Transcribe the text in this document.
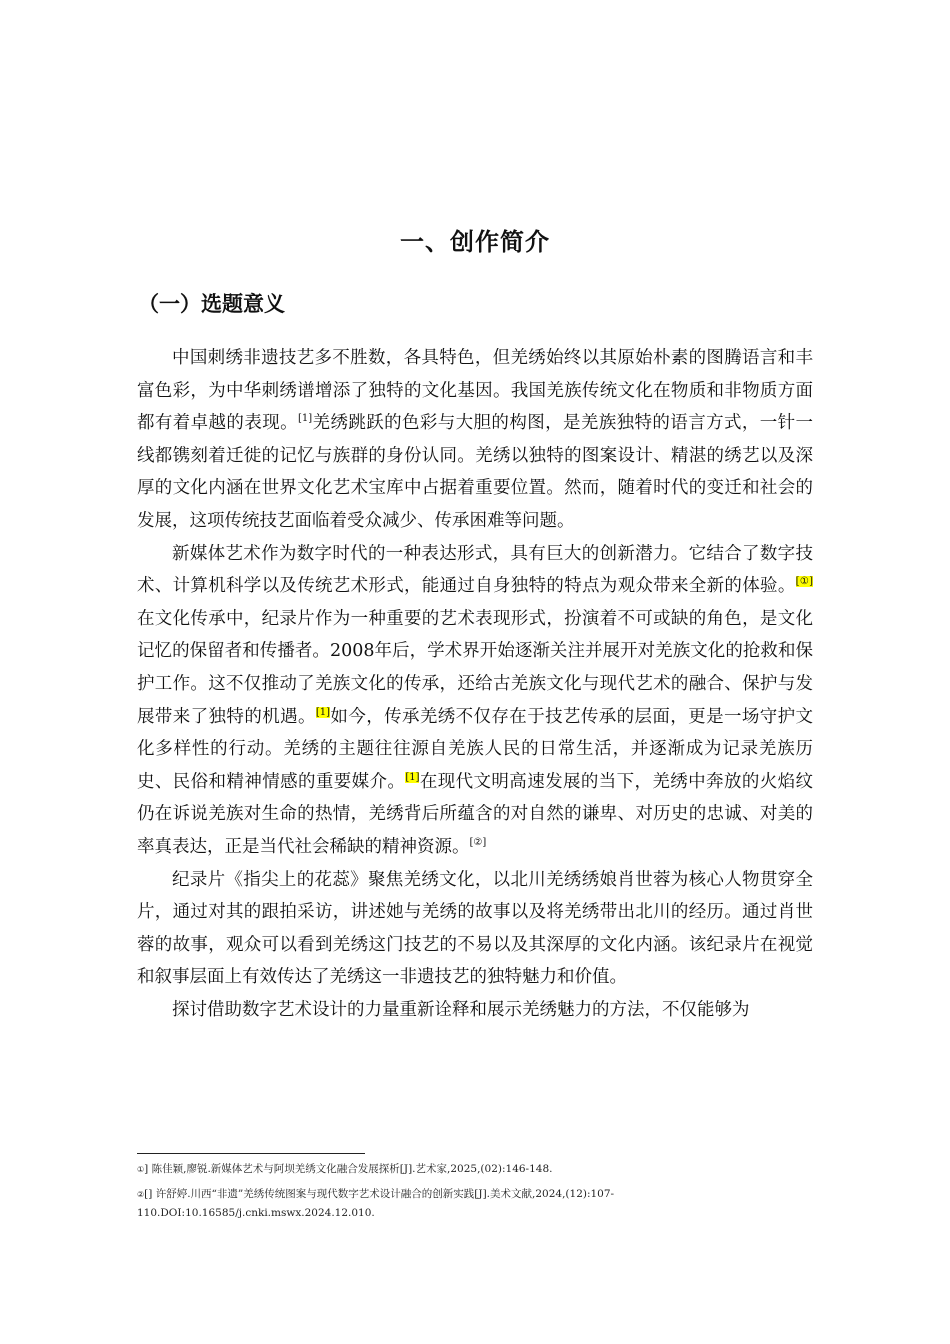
一、创作简介
（一）选题意义

中国刺绣非遗技艺多不胜数，各具特色，但羌绣始终以其原始朴素的图腾语言和丰富色彩，为中华刺绣谱增添了独特的文化基因。我国羌族传统文化在物质和非物质方面都有着卓越的表现。[1]羌绣跳跃的色彩与大胆的构图，是羌族独特的语言方式，一针一线都镌刻着迁徙的记忆与族群的身份认同。羌绣以独特的图案设计、精湛的绣艺以及深厚的文化内涵在世界文化艺术宝库中占据着重要位置。然而，随着时代的变迁和社会的发展，这项传统技艺面临着受众减少、传承困难等问题。

新媒体艺术作为数字时代的一种表达形式，具有巨大的创新潜力。它结合了数字技术、计算机科学以及传统艺术形式，能通过自身独特的特点为观众带来全新的体验。[①]在文化传承中，纪录片作为一种重要的艺术表现形式，扮演着不可或缺的角色，是文化记忆的保留者和传播者。2008年后，学术界开始逐渐关注并展开对羌族文化的抢救和保护工作。这不仅推动了羌族文化的传承，还给古羌族文化与现代艺术的融合、保护与发展带来了独特的机遇。[1]如今，传承羌绣不仅存在于技艺传承的层面，更是一场守护文化多样性的行动。羌绣的主题往往源自羌族人民的日常生活，并逐渐成为记录羌族历史、民俗和精神情感的重要媒介。[1]在现代文明高速发展的当下，羌绣中奔放的火焰纹仍在诉说羌族对生命的热情，羌绣背后所蕴含的对自然的谦卑、对历史的忠诚、对美的率真表达，正是当代社会稀缺的精神资源。[②]

纪录片《指尖上的花蕊》聚焦羌绣文化，以北川羌绣绣娘肖世蓉为核心人物贯穿全片，通过对其的跟拍采访，讲述她与羌绣的故事以及将羌绣带出北川的经历。通过肖世蓉的故事，观众可以看到羌绣这门技艺的不易以及其深厚的文化内涵。该纪录片在视觉和叙事层面上有效传达了羌绣这一非遗技艺的独特魅力和价值。

探讨借助数字艺术设计的力量重新诠释和展示羌绣魅力的方法，不仅能够为

①] 陈佳颖,廖锐.新媒体艺术与阿坝羌绣文化融合发展探析[J].艺术家,2025,(02):146-148.

②[] 许舒婷.川西“非遗”羌绣传统图案与现代数字艺术设计融合的创新实践[J].美术文献,2024,(12):107-110.DOI:10.16585/j.cnki.mswx.2024.12.010.
